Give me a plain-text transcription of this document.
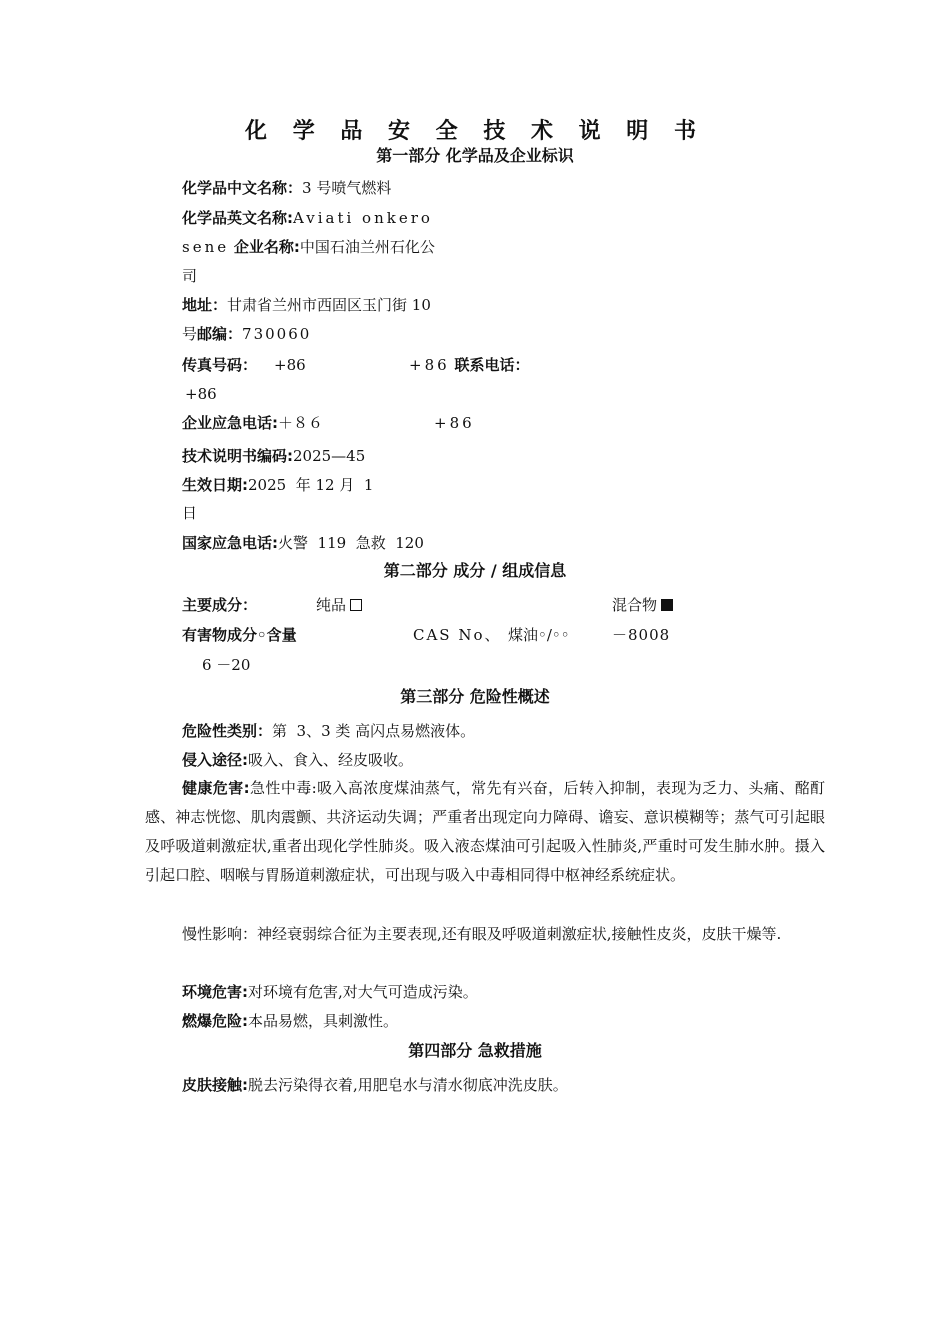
化 学 品 安 全 技 术 说 明 书
第一部分 化学品及企业标识
化学品中文名称：3 号喷气燃料
化学品英文名称:Aviati onkero
sene 企业名称:中国石油兰州石化公
司
地址：甘肃省兰州市西固区玉门街 10
号邮编：730060
传真号码： +86	+86 联系电话：
+86
企业应急电话:＋８６	+86
技术说明书编码:2025—45
生效日期:2025  年 12 月  1
日
国家应急电话:火警  119  急救  120
第二部分 成分 / 组成信息
主要成分：	纯品	混合物
有害物成分◦含量	CAS No、 煤油◦/◦◦	－8008
6 －20
第三部分 危险性概述
危险性类别：第  3、3 类 高闪点易燃液体。
侵入途径:吸入、食入、经皮吸收。
健康危害:急性中毒:吸入高浓度煤油蒸气，常先有兴奋，后转入抑制，表现为乏力、头痛、酩酊感、神志恍惚、肌肉震颤、共济运动失调；严重者出现定向力障碍、谵妄、意识模糊等；蒸气可引起眼及呼吸道刺激症状,重者出现化学性肺炎。吸入液态煤油可引起吸入性肺炎,严重时可发生肺水肿。摄入引起口腔、咽喉与胃肠道刺激症状，可出现与吸入中毒相同得中枢神经系统症状。
慢性影响：神经衰弱综合征为主要表现,还有眼及呼吸道刺激症状,接触性皮炎，皮肤干燥等.
环境危害:对环境有危害,对大气可造成污染。
燃爆危险:本品易燃，具刺激性。
第四部分 急救措施
皮肤接触:脱去污染得衣着,用肥皂水与清水彻底冲洗皮肤。
